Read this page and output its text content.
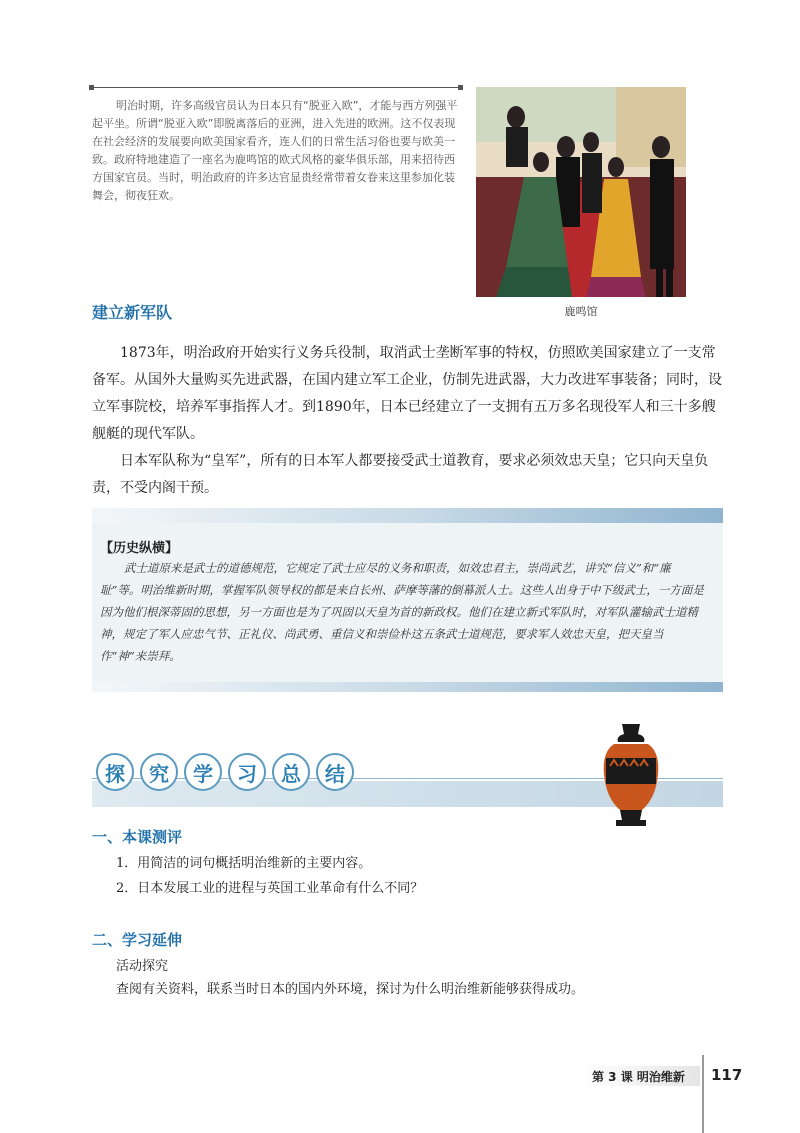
明治时期，许多高级官员认为日本只有“脱亚入欧”，才能与西方列强平起平坐。所谓“脱亚入欧”即脱离落后的亚洲，进入先进的欧洲。这不仅表现在社会经济的发展要向欧美国家看齐，连人们的日常生活习俗也要与欧美一致。政府特地建造了一座名为鹿鸣馆的欧式风格的豪华俱乐部，用来招待西方国家官员。当时，明治政府的许多达官显贵经常带着女眷来这里参加化装舞会，彻夜狂欢。
鹿鸣馆
建立新军队

1873年，明治政府开始实行义务兵役制，取消武士垄断军事的特权，仿照欧美国家建立了一支常备军。从国外大量购买先进武器，在国内建立军工企业，仿制先进武器，大力改进军事装备；同时，设立军事院校，培养军事指挥人才。到1890年，日本已经建立了一支拥有五万多名现役军人和三十多艘舰艇的现代军队。

日本军队称为“皇军”，所有的日本军人都要接受武士道教育，要求必须效忠天皇；它只向天皇负责，不受内阁干预。

【历史纵横】
武士道原来是武士的道德规范，它规定了武士应尽的义务和职责，如效忠君主，崇尚武艺，讲究“信义”和“廉耻”等。明治维新时期，掌握军队领导权的都是来自长州、萨摩等藩的倒幕派人士。这些人出身于中下级武士，一方面是因为他们根深蒂固的思想，另一方面也是为了巩固以天皇为首的新政权。他们在建立新式军队时，对军队灌输武士道精神，规定了军人应忠气节、正礼仪、尚武勇、重信义和崇俭朴这五条武士道规范，要求军人效忠天皇，把天皇当作“神”来崇拜。
探	究	学	习	总	结
一、本课测评
1．用简洁的词句概括明治维新的主要内容。
2．日本发展工业的进程与英国工业革命有什么不同？
二、学习延伸
活动探究
查阅有关资料，联系当时日本的国内外环境，探讨为什么明治维新能够获得成功。
第 3 课 明治维新 117
